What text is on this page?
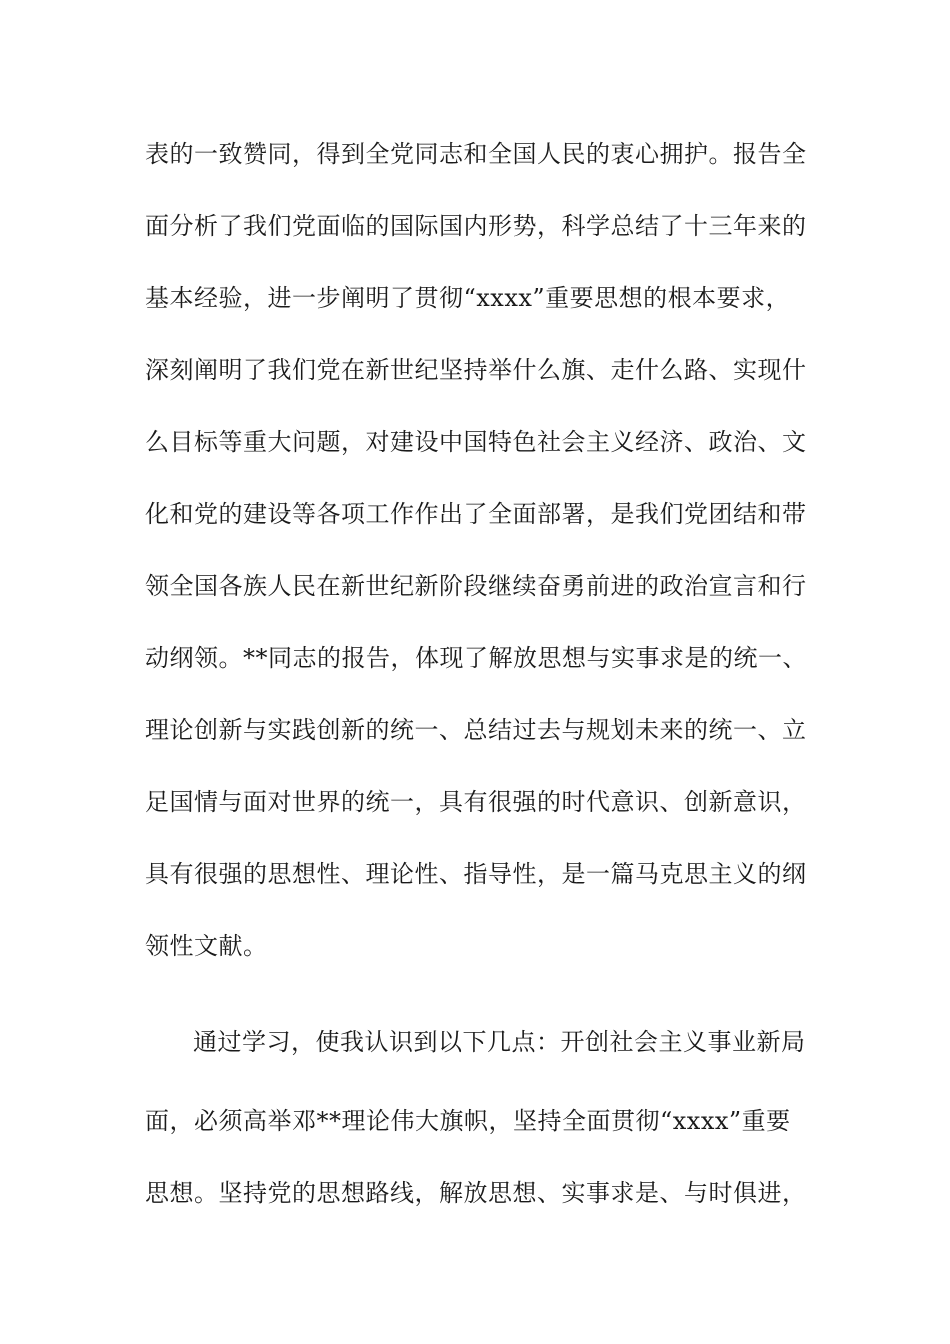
表的一致赞同，得到全党同志和全国人民的衷心拥护。报告全
面分析了我们党面临的国际国内形势，科学总结了十三年来的
基本经验，进一步阐明了贯彻“xxxx”重要思想的根本要求，
深刻阐明了我们党在新世纪坚持举什么旗、走什么路、实现什
么目标等重大问题，对建设中国特色社会主义经济、政治、文
化和党的建设等各项工作作出了全面部署，是我们党团结和带
领全国各族人民在新世纪新阶段继续奋勇前进的政治宣言和行
动纲领。**同志的报告，体现了解放思想与实事求是的统一、
理论创新与实践创新的统一、总结过去与规划未来的统一、立
足国情与面对世界的统一，具有很强的时代意识、创新意识，
具有很强的思想性、理论性、指导性，是一篇马克思主义的纲
领性文献。
通过学习，使我认识到以下几点：开创社会主义事业新局
面，必须高举邓**理论伟大旗帜，坚持全面贯彻“xxxx”重要
思想。坚持党的思想路线，解放思想、实事求是、与时俱进，
